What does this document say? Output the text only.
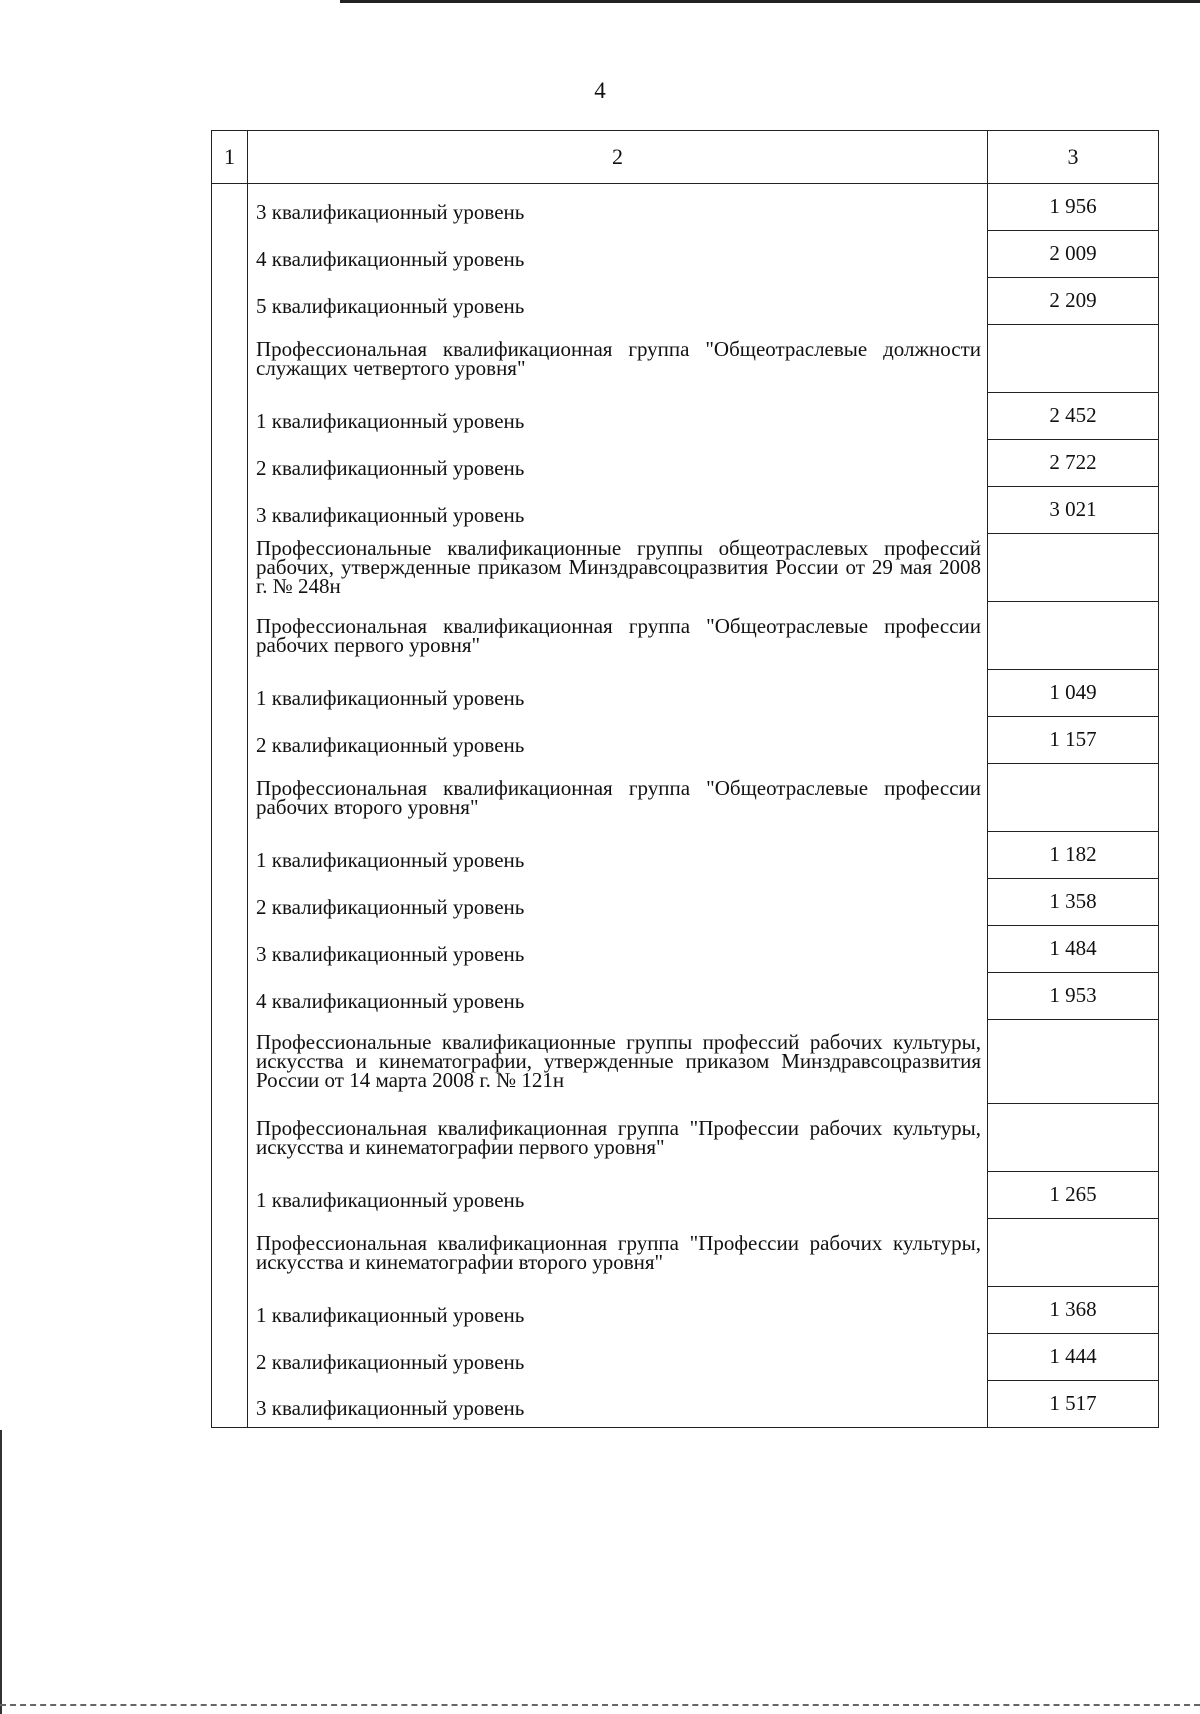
4
1	2	3
	3 квалификационный уровень	1 956
	4 квалификационный уровень	2 009
	5 квалификационный уровень	2 209
	Профессиональная квалификационная группа "Общеотраслевые должности служащих четвертого уровня"	
	1 квалификационный уровень	2 452
	2 квалификационный уровень	2 722
	3 квалификационный уровень	3 021
	Профессиональные квалификационные группы общеотраслевых профессий рабочих, утвержденные приказом Минздравсоцразвития России от 29 мая 2008 г. № 248н	
	Профессиональная квалификационная группа "Общеотраслевые профессии рабочих первого уровня"	
	1 квалификационный уровень	1 049
	2 квалификационный уровень	1 157
	Профессиональная квалификационная группа "Общеотраслевые профессии рабочих второго уровня"	
	1 квалификационный уровень	1 182
	2 квалификационный уровень	1 358
	3 квалификационный уровень	1 484
	4 квалификационный уровень	1 953
	Профессиональные квалификационные группы профессий рабочих культуры, искусства и кинематографии, утвержденные приказом Минздравсоцразвития России от 14 марта 2008 г. № 121н	
	Профессиональная квалификационная группа "Профессии рабочих культуры, искусства и кинематографии первого уровня"	
	1 квалификационный уровень	1 265
	Профессиональная квалификационная группа "Профессии рабочих культуры, искусства и кинематографии второго уровня"	
	1 квалификационный уровень	1 368
	2 квалификационный уровень	1 444
	3 квалификационный уровень	1 517
